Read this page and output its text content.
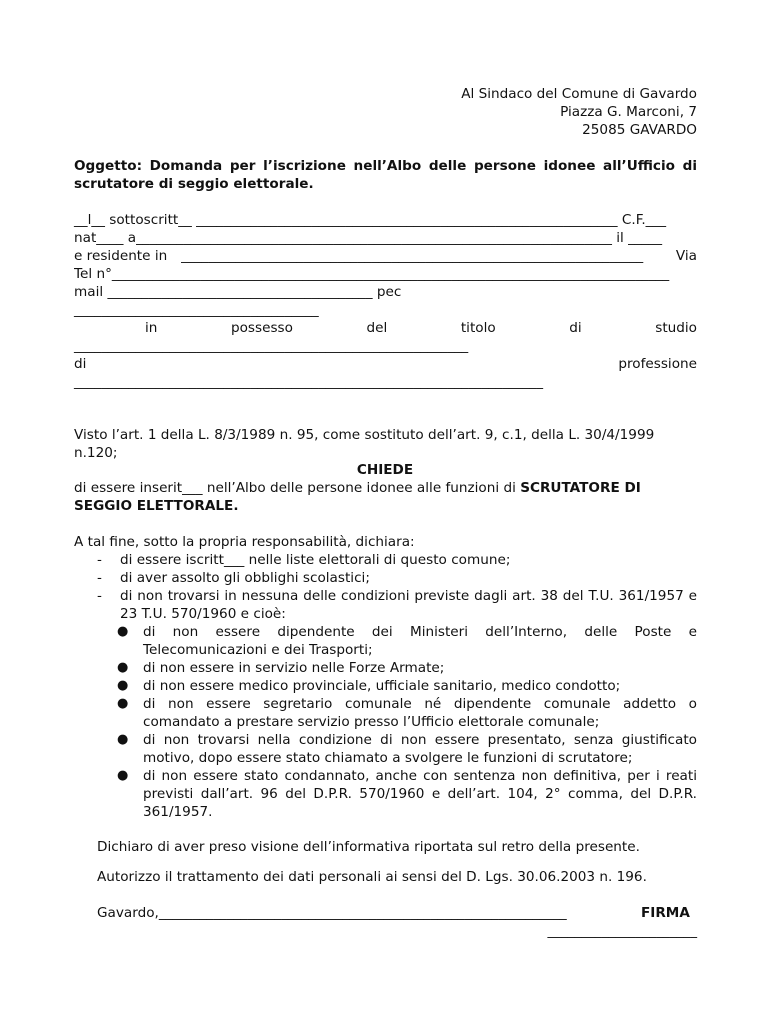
Al Sindaco del Comune di Gavardo
Piazza G. Marconi, 7
25085 GAVARDO
Oggetto: Domanda per l’iscrizione nell’Albo delle persone idonee all’Ufficio di scrutatore di seggio elettorale.
__l__ sottoscritt__ ______________________________________________________________ C.F.___
nat____ a______________________________________________________________________ il _____
e residente in ____________________________________________________________________	Via
Tel n°__________________________________________________________________________________
mail _______________________________________ pec
____________________________________
in	possesso	del	titolo	di	studio
__________________________________________________________
di	professione
_____________________________________________________________________
Visto l’art. 1 della L. 8/3/1989 n. 95, come sostituto dell’art. 9, c.1, della L. 30/4/1999 n.120;
CHIEDE
di essere inserit___ nell’Albo delle persone idonee alle funzioni di SCRUTATORE DI SEGGIO ELETTORALE.
A tal fine, sotto la propria responsabilità, dichiara:
- di essere iscritt___ nelle liste elettorali di questo comune;
- di aver assolto gli obblighi scolastici;
- di non trovarsi in nessuna delle condizioni previste dagli art. 38 del T.U. 361/1957 e 23 T.U. 570/1960 e cioè:
● di non essere dipendente dei Ministeri dell’Interno, delle Poste e Telecomunicazioni e dei Trasporti;
● di non essere in servizio nelle Forze Armate;
● di non essere medico provinciale, ufficiale sanitario, medico condotto;
● di non essere segretario comunale né dipendente comunale addetto o comandato a prestare servizio presso l’Ufficio elettorale comunale;
● di non trovarsi nella condizione di non essere presentato, senza giustificato motivo, dopo essere stato chiamato a svolgere le funzioni di scrutatore;
● di non essere stato condannato, anche con sentenza non definitiva, per i reati previsti dall’art. 96 del D.P.R. 570/1960 e dell’art. 104, 2° comma, del D.P.R. 361/1957.
Dichiaro di aver preso visione dell’informativa riportata sul retro della presente.
Autorizzo il trattamento dei dati personali ai sensi del D. Lgs. 30.06.2003 n. 196.
Gavardo,____________________________________________________________	FIRMA
______________________
